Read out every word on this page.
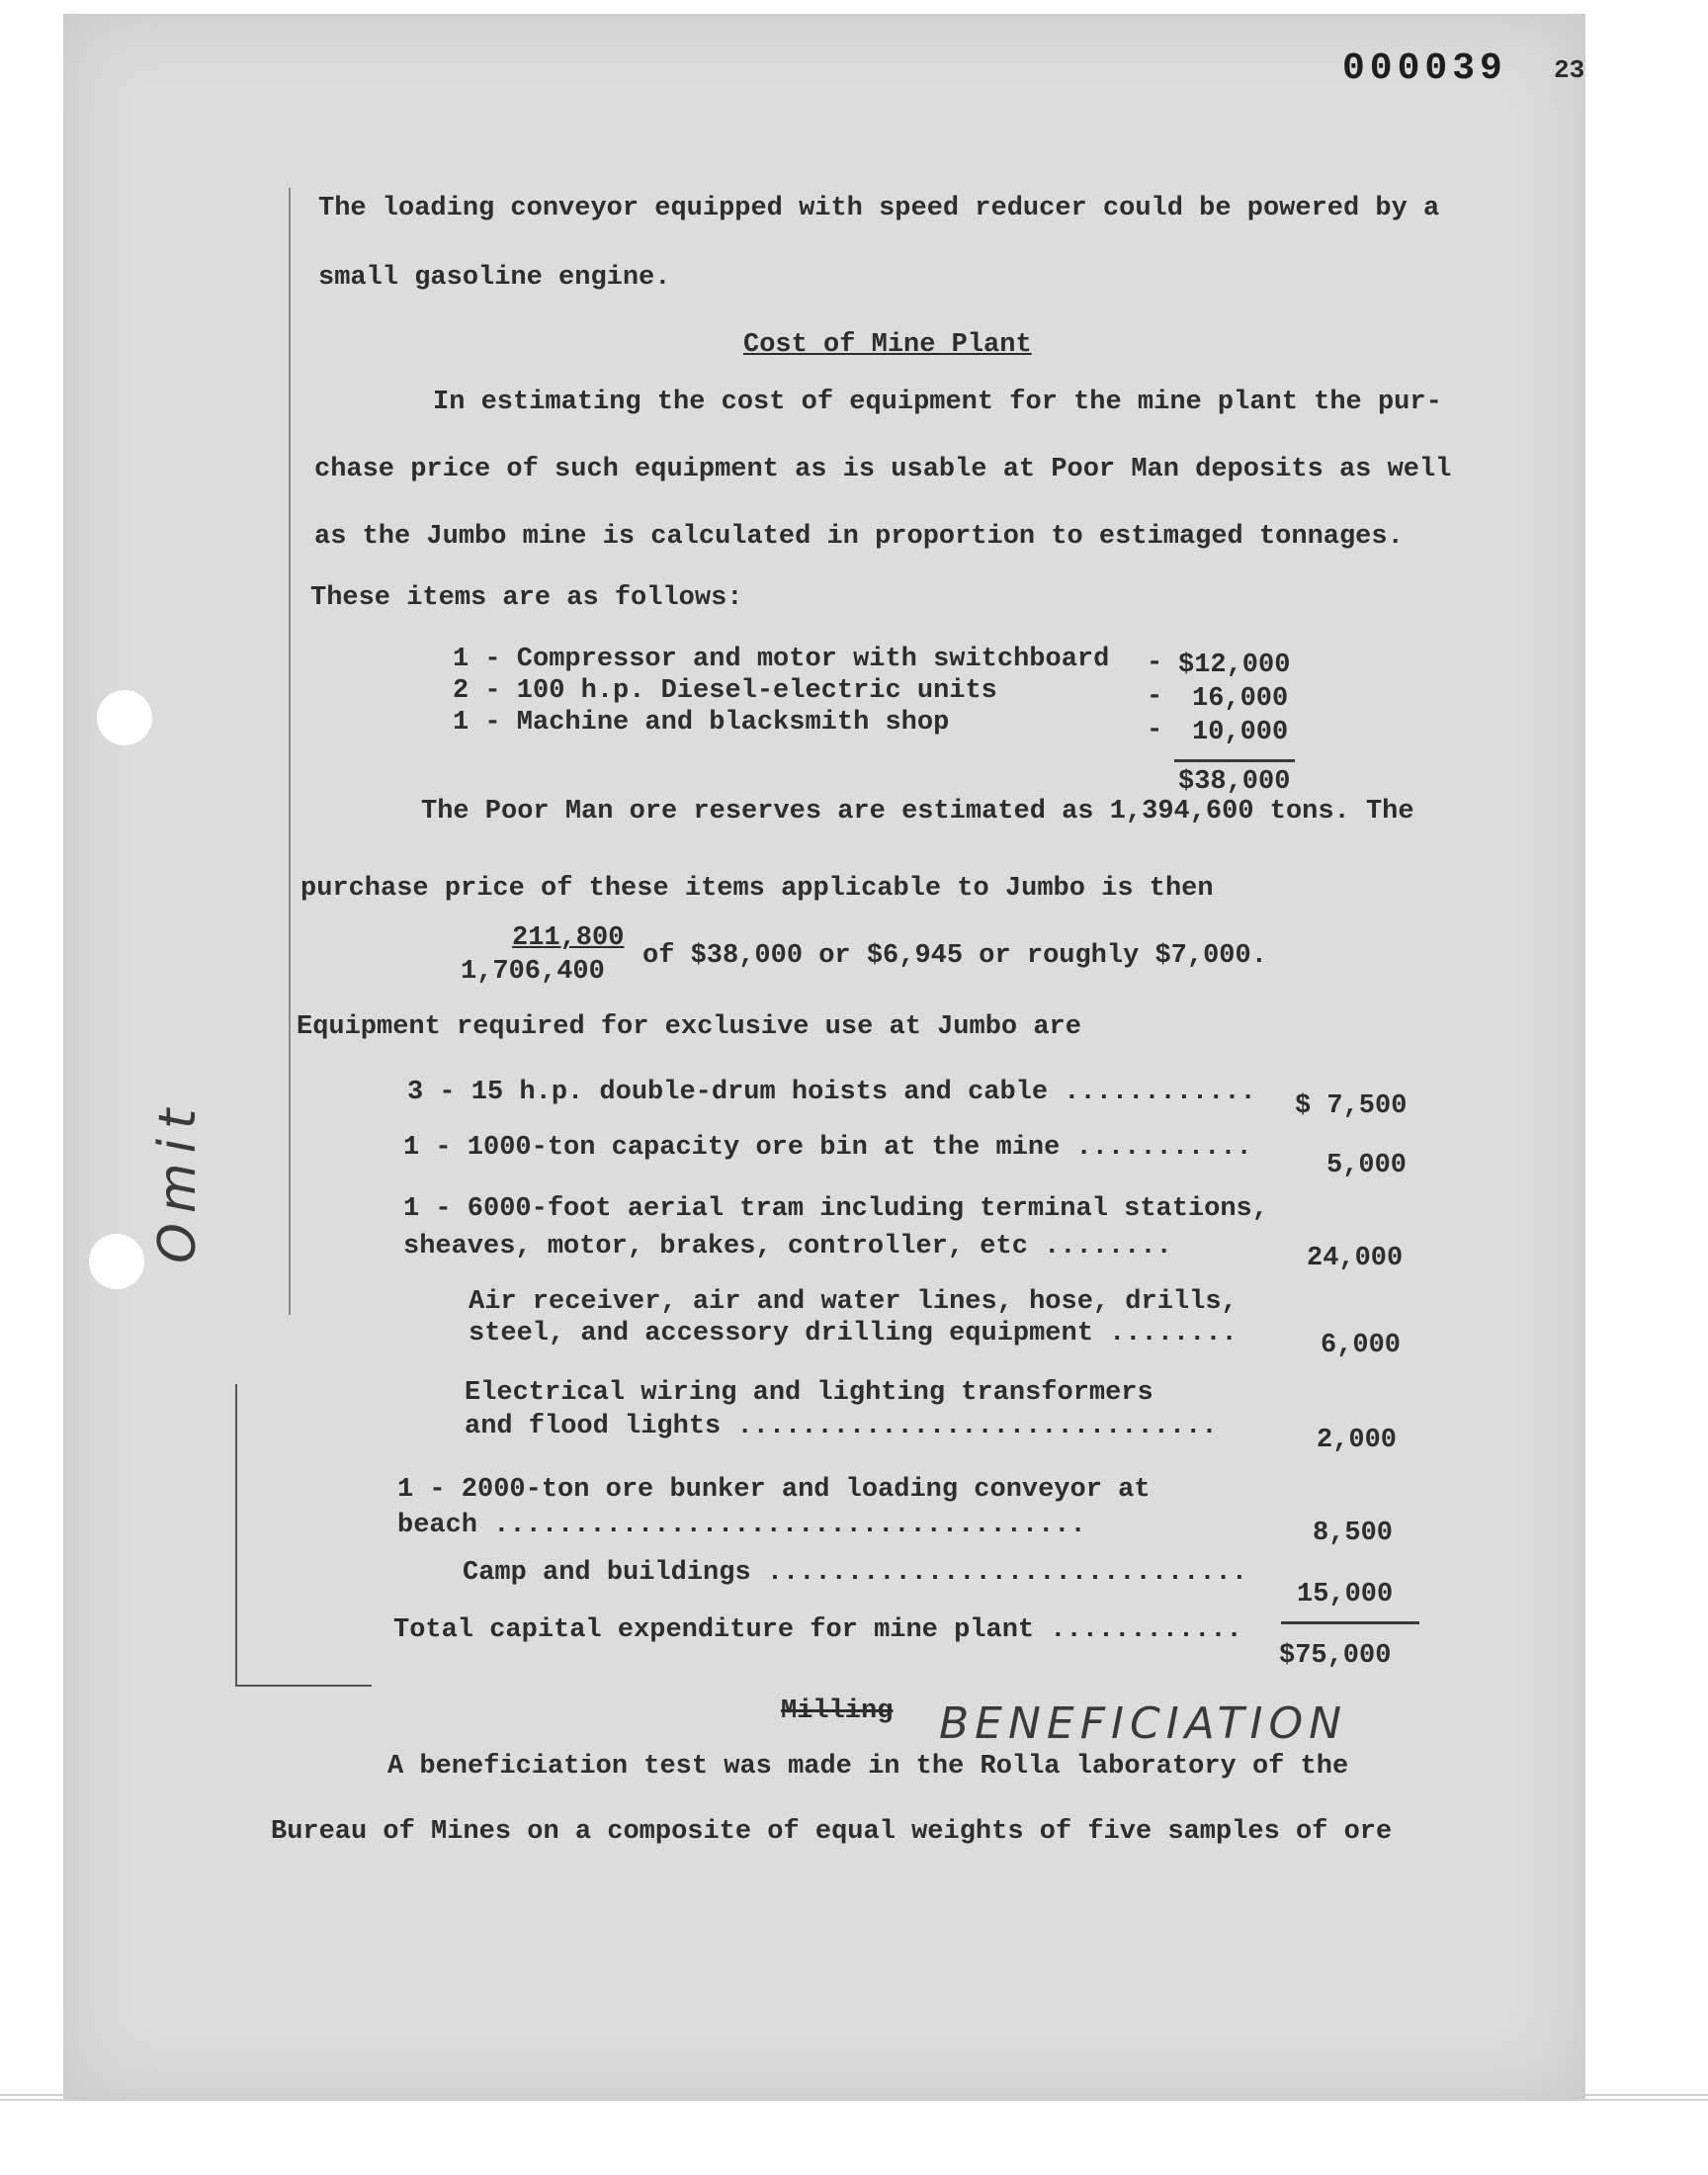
000039 23
The loading conveyor equipped with speed reducer could be powered by a
small gasoline engine.
Cost of Mine Plant
In estimating the cost of equipment for the mine plant the pur-
chase price of such equipment as is usable at Poor Man deposits as well
as the Jumbo mine is calculated in proportion to estimaged tonnages.
These items are as follows:
1 - Compressor and motor with switchboard - $12,000
2 - 100 h.p. Diesel-electric units	- 16,000
1 - Machine and blacksmith shop	- 10,000
$38,000
The Poor Man ore reserves are estimated as 1,394,600 tons. The
purchase price of these items applicable to Jumbo is then
211,800
1,706,400
of $38,000 or $6,945 or roughly $7,000.
Equipment required for exclusive use at Jumbo are
3 - 15 h.p. double-drum hoists and cable ............ $ 7,500
1 - 1000-ton capacity ore bin at the mine ...........
5,000
1 - 6000-foot aerial tram including terminal stations,
sheaves, motor, brakes, controller, etc ........	24,000
Air receiver, air and water lines, hose, drills,
steel, and accessory drilling equipment ........	6,000
Electrical wiring and lighting transformers
and flood lights ..............................	2,000
1 - 2000-ton ore bunker and loading conveyor at
beach .....................................	8,500
Camp and buildings ..............................
15,000
Total capital expenditure for mine plant ............
$75,000
Omit
Milling BENEFICIATION
A beneficiation test was made in the Rolla laboratory of the
Bureau of Mines on a composite of equal weights of five samples of ore
